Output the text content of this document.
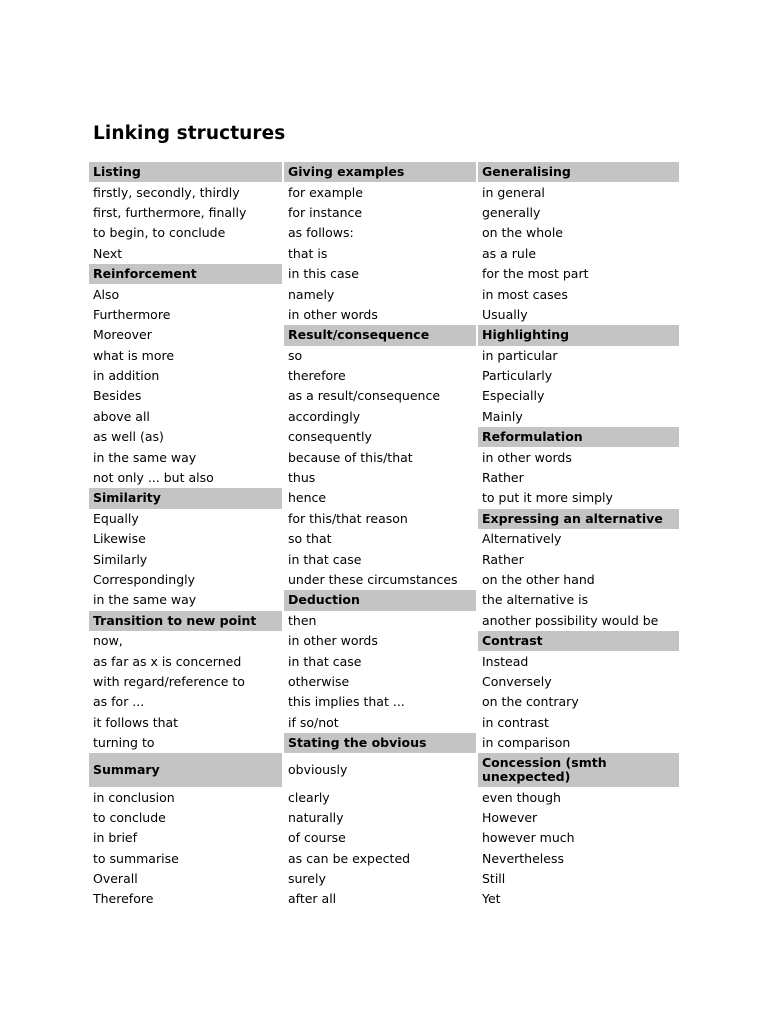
Linking structures
Listing	Giving examples	Generalising
firstly, secondly, thirdly	for example	in general
first, furthermore, finally	for instance	generally
to begin, to conclude	as follows:	on the whole
Next	that is	as a rule
Reinforcement	in this case	for the most part
Also	namely	in most cases
Furthermore	in other words	Usually
Moreover	Result/consequence	Highlighting
what is more	so	in particular
in addition	therefore	Particularly
Besides	as a result/consequence	Especially
above all	accordingly	Mainly
as well (as)	consequently	Reformulation
in the same way	because of this/that	in other words
not only ... but also	thus	Rather
Similarity	hence	to put it more simply
Equally	for this/that reason	Expressing an alternative
Likewise	so that	Alternatively
Similarly	in that case	Rather
Correspondingly	under these circumstances	on the other hand
in the same way	Deduction	the alternative is
Transition to new point	then	another possibility would be
now,	in other words	Contrast
as far as x is concerned	in that case	Instead
with regard/reference to	otherwise	Conversely
as for ...	this implies that ...	on the contrary
it follows that	if so/not	in contrast
turning to	Stating the obvious	in comparison
Summary	obviously	Concession (smth unexpected)
in conclusion	clearly	even though
to conclude	naturally	However
in brief	of course	however much
to summarise	as can be expected	Nevertheless
Overall	surely	Still
Therefore	after all	Yet
